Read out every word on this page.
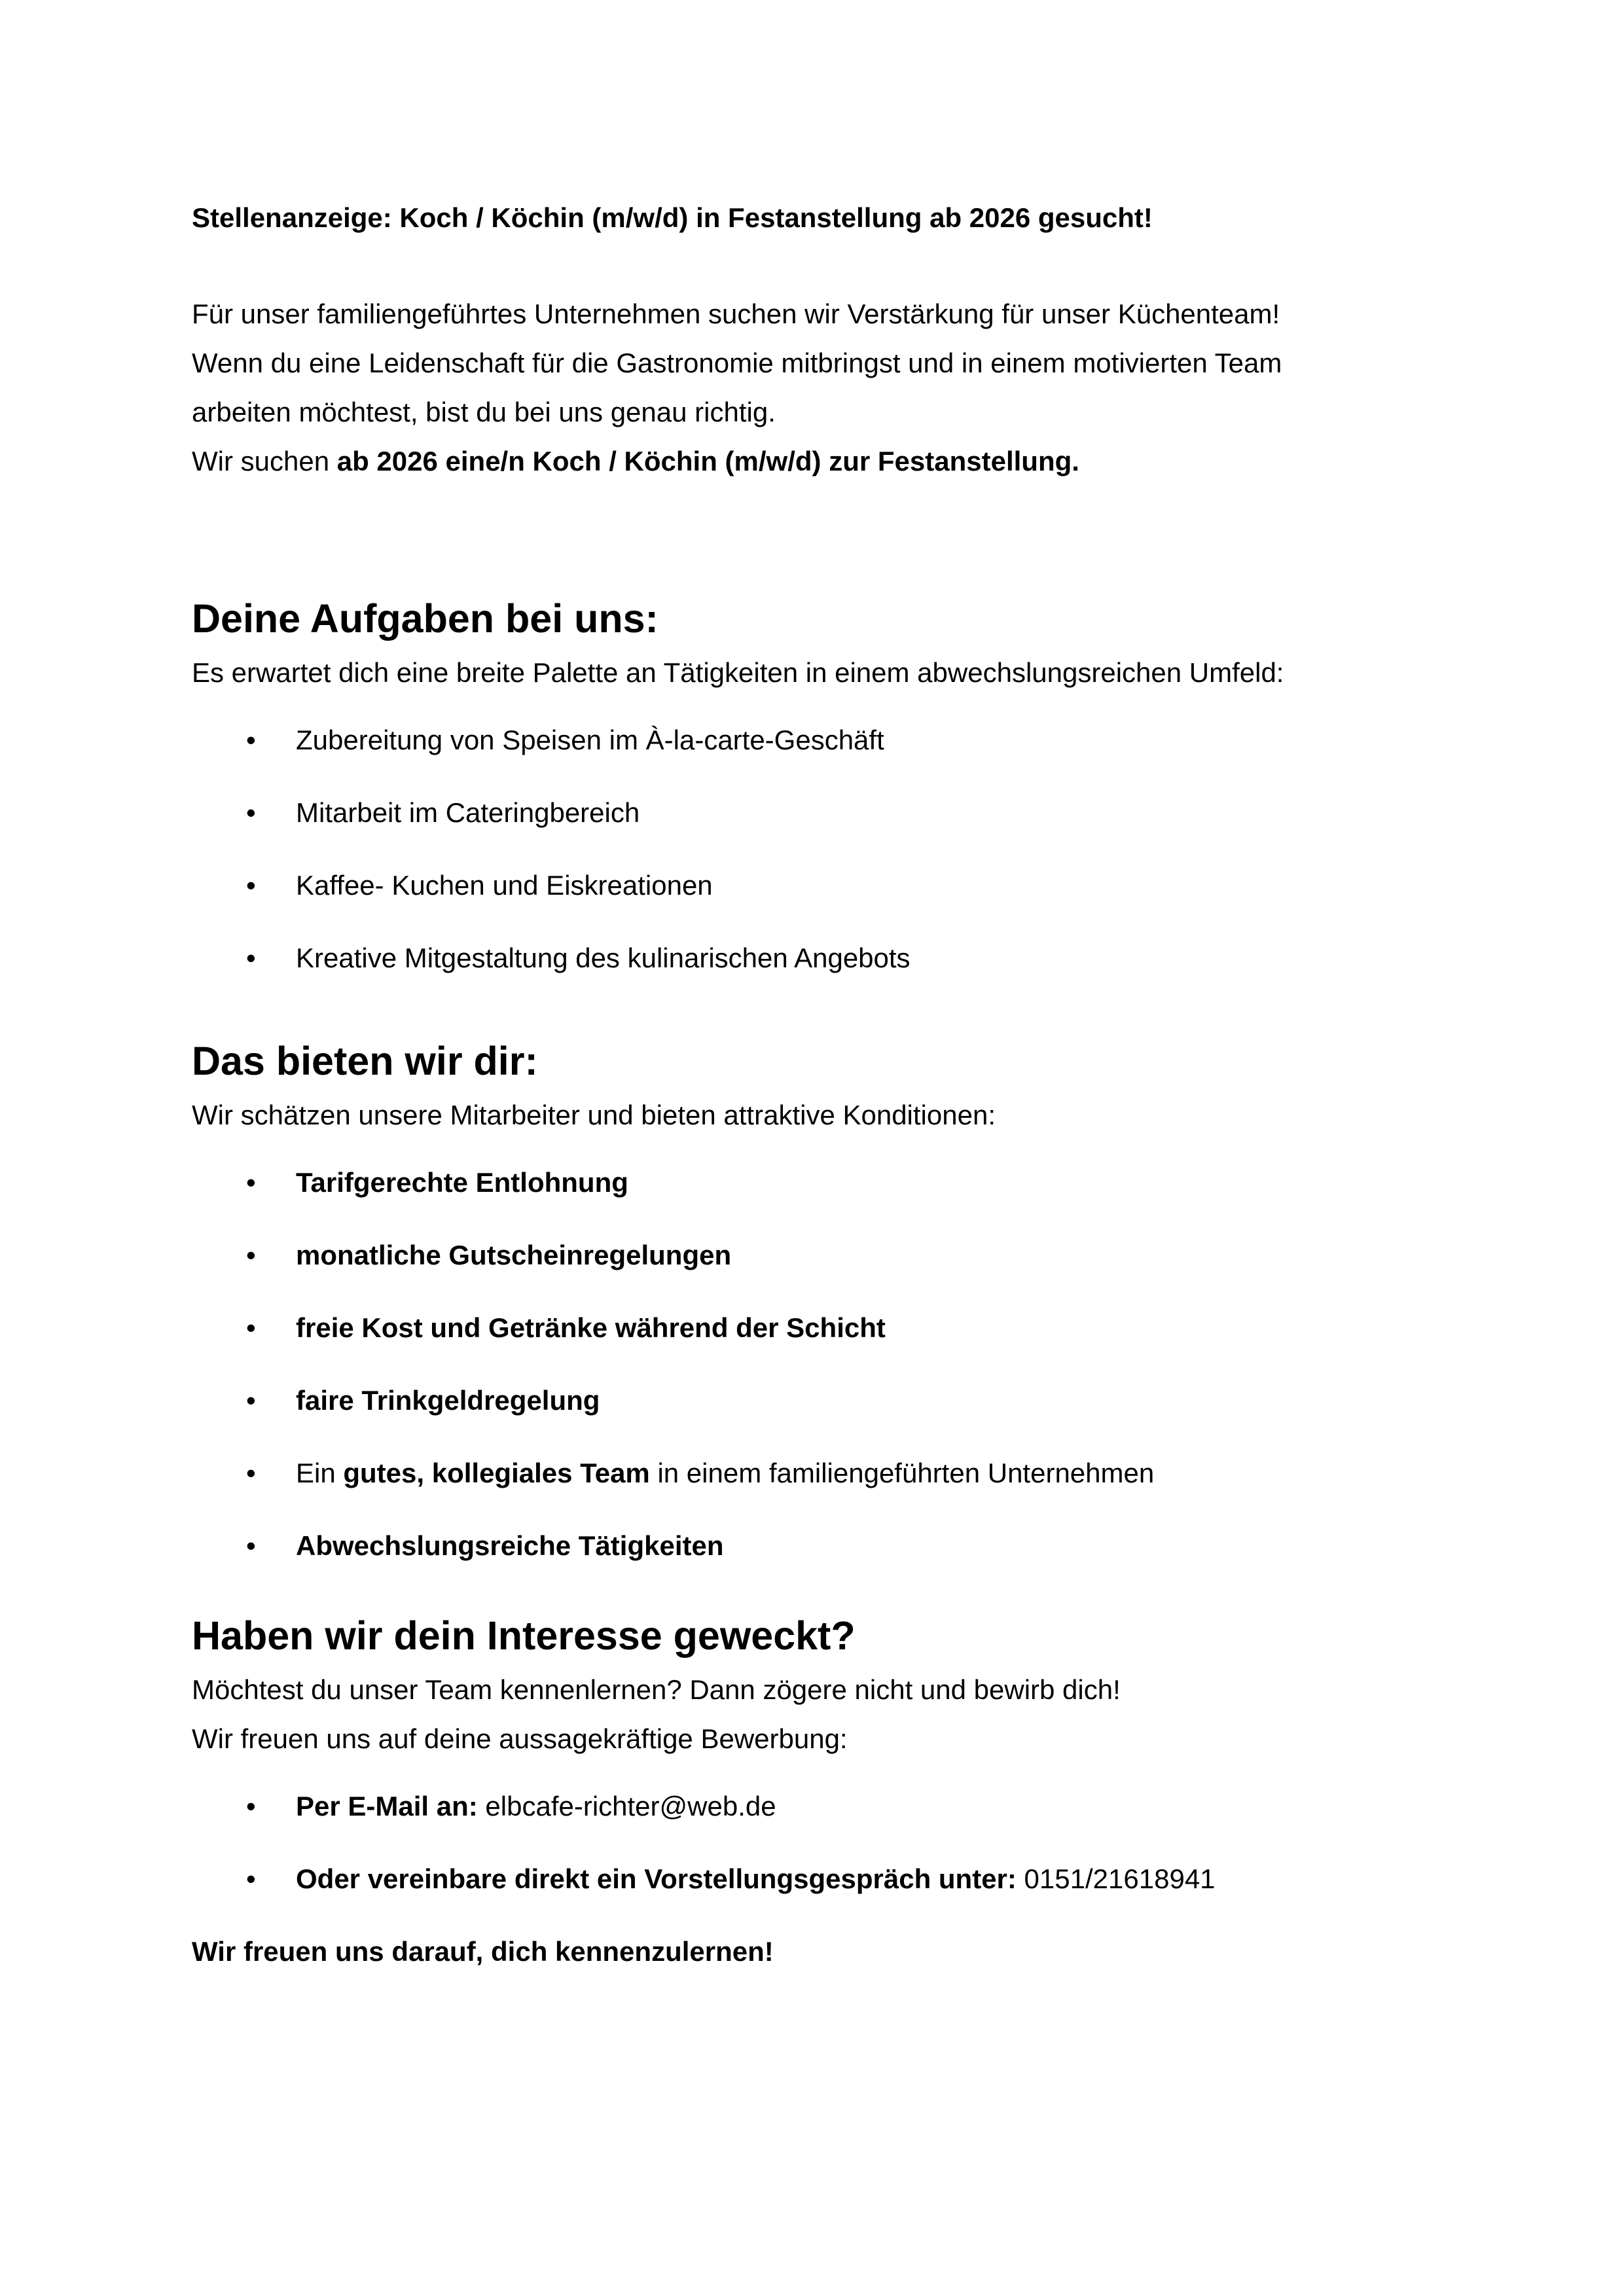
Stellenanzeige: Koch / Köchin (m/w/d) in Festanstellung ab 2026 gesucht!
Für unser familiengeführtes Unternehmen suchen wir Verstärkung für unser Küchenteam!
Wenn du eine Leidenschaft für die Gastronomie mitbringst und in einem motivierten Team
arbeiten möchtest, bist du bei uns genau richtig.
Wir suchen ab 2026 eine/n Koch / Köchin (m/w/d) zur Festanstellung.
Deine Aufgaben bei uns:
Es erwartet dich eine breite Palette an Tätigkeiten in einem abwechslungsreichen Umfeld:
• Zubereitung von Speisen im À-la-carte-Geschäft
• Mitarbeit im Cateringbereich
• Kaffee- Kuchen und Eiskreationen
• Kreative Mitgestaltung des kulinarischen Angebots
Das bieten wir dir:
Wir schätzen unsere Mitarbeiter und bieten attraktive Konditionen:
• Tarifgerechte Entlohnung
• monatliche Gutscheinregelungen
• freie Kost und Getränke während der Schicht
• faire Trinkgeldregelung
• Ein gutes, kollegiales Team in einem familiengeführten Unternehmen
• Abwechslungsreiche Tätigkeiten
Haben wir dein Interesse geweckt?
Möchtest du unser Team kennenlernen? Dann zögere nicht und bewirb dich!
Wir freuen uns auf deine aussagekräftige Bewerbung:
• Per E-Mail an: elbcafe-richter@web.de
• Oder vereinbare direkt ein Vorstellungsgespräch unter: 0151/21618941
Wir freuen uns darauf, dich kennenzulernen!
